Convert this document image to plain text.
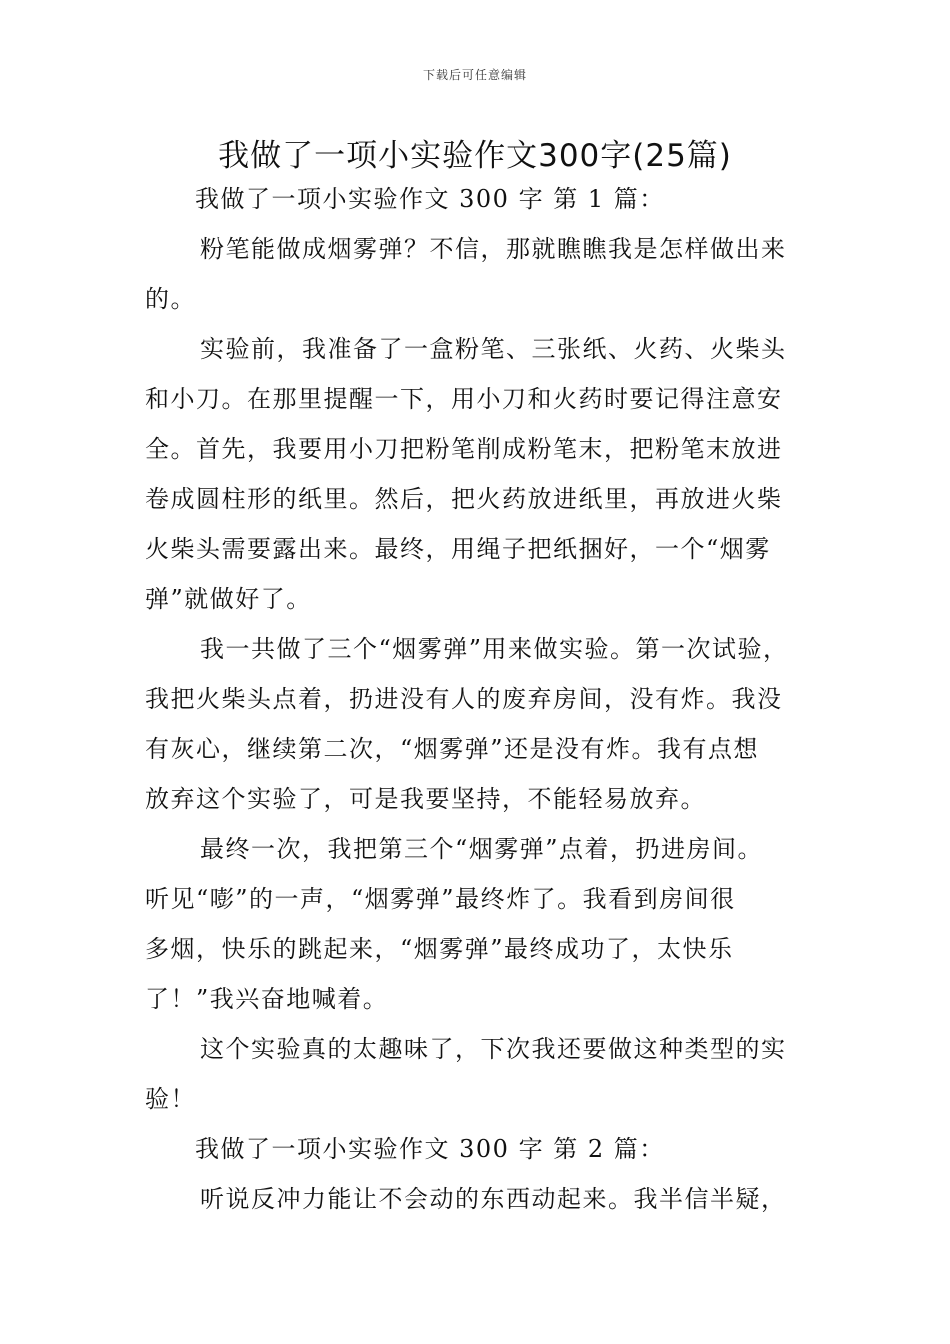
下载后可任意编辑
我做了一项小实验作文300字(25篇)
我做了一项小实验作文 300 字 第 1 篇：
粉笔能做成烟雾弹？不信，那就瞧瞧我是怎样做出来
的。
实验前，我准备了一盒粉笔、三张纸、火药、火柴头
和小刀。在那里提醒一下，用小刀和火药时要记得注意安
全。首先，我要用小刀把粉笔削成粉笔末，把粉笔末放进
卷成圆柱形的纸里。然后，把火药放进纸里，再放进火柴
火柴头需要露出来。最终，用绳子把纸捆好，一个“烟雾
弹”就做好了。
我一共做了三个“烟雾弹”用来做实验。第一次试验，
我把火柴头点着，扔进没有人的废弃房间，没有炸。我没
有灰心，继续第二次，“烟雾弹”还是没有炸。我有点想
放弃这个实验了，可是我要坚持，不能轻易放弃。
最终一次，我把第三个“烟雾弹”点着，扔进房间。
听见“嘭”的一声，“烟雾弹”最终炸了。我看到房间很
多烟，快乐的跳起来，“烟雾弹”最终成功了，太快乐
了！”我兴奋地喊着。
这个实验真的太趣味了，下次我还要做这种类型的实
验！
我做了一项小实验作文 300 字 第 2 篇：
听说反冲力能让不会动的东西动起来。我半信半疑，
